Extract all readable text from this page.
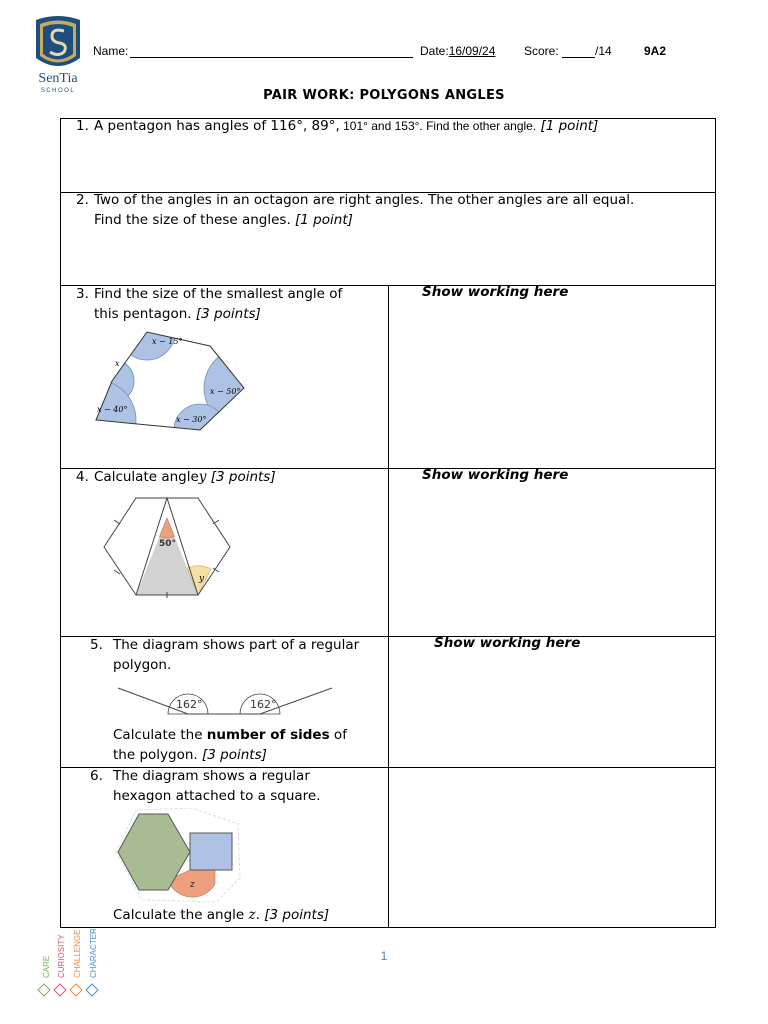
SenTia
SCHOOL
Name:	Date:16/09/24 Score:	/14	9A2
PAIR WORK: POLYGONS ANGLES
1. A pentagon has angles of 116°, 89°, 101° and 153°. Find the other angle. [1 point]
2. Two of the angles in an octagon are right angles. The other angles are all equal.
Find the size of these angles. [1 point]
3. Find the size of the smallest angle of
this pentagon. [3 points]
x − 15°
x
x − 50°
x − 40°
x − 30°
Show working here
4. Calculate angley [3 points]
50°
y
Show working here
5. The diagram shows part of a regular
polygon.
162°	162°
Calculate the number of sides of
the polygon. [3 points]
Show working here
6. The diagram shows a regular
hexagon attached to a square.
z
Calculate the angle z. [3 points]
CARE CURIOSITY CHALLENGE CHARACTER	1
